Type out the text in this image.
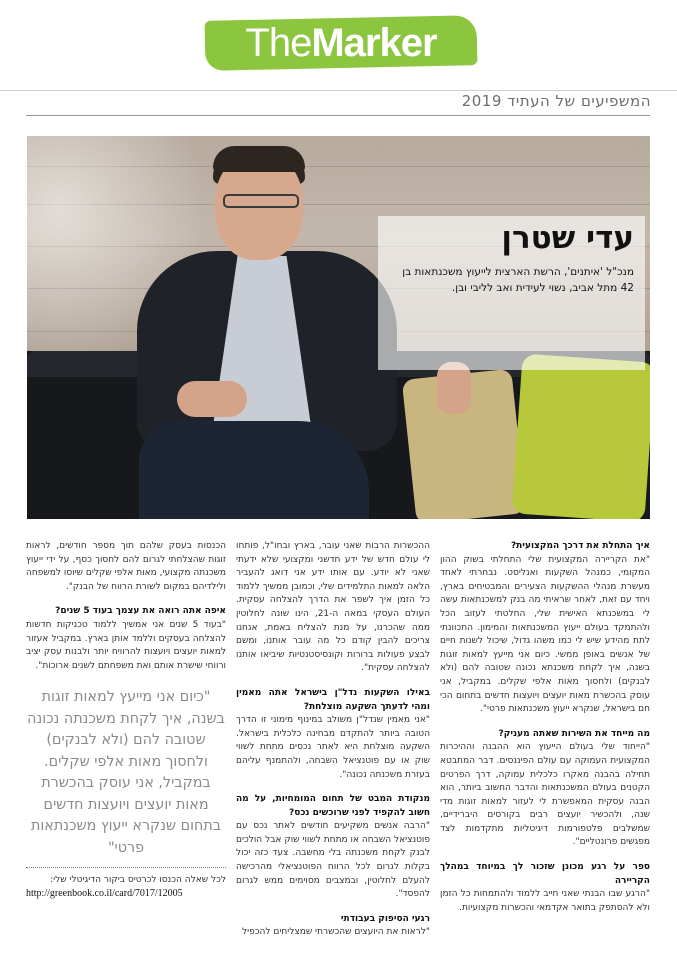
TheMarker
המשפיעים של העתיד 2019
עדי שטרן
מנכ"ל 'איתנים', הרשת הארצית לייעוץ משכנתאות בן 42 מתל אביב, נשוי לעידית ואב לליבי ובן.

איך התחלת את דרכך המקצועית?

"את הקריירה המקצועית שלי התחלתי בשוק ההון המקומי, כמנהל השקעות ואנליסט. נבחרתי לאחד מעשרת מנהלי ההשקעות הצעירים והמבטיחים בארץ, ויחד עם זאת, לאחר שראיתי מה בנק למשכנתאות עשה לי במשכנתא האישית שלי, החלטתי לעזוב הכל ולהתמקד בעולם ייעוץ המשכנתאות והמימון. התכוונתי לתת מהידע שיש לי כמו משהו גדול, שיכול לשנות חיים של אנשים באופן ממשי. כיום אני מייעץ למאות זוגות בשנה, איך לקחת משכנתא נכונה שטובה להם (ולא לבנקים) ולחסוך מאות אלפי שקלים. במקביל, אני עוסק בהכשרת מאות יועצים ויועצות חדשים בתחום הכי חם בישראל, שנקרא ייעוץ משכנתאות פרטי".

מה מייחד את השירות שאתה מעניק?

"הייחוד שלי בעולם הייעוץ הוא ההבנה וההיכרות המקצועית העמוקה עם עולם הפיננסים. דבר המתבטא תחילה בהבנה מאקרו כלכלית עמוקה, דרך הפרטים הקטנים בעולם המשכנתאות והדבר החשוב ביותר, הוא הבנה עסקית המאפשרת לי לעזור למאות זוגות מדי שנה, ולהכשיר יועצים רבים בקורסים היברידיים, שמשלבים פלטפורמות דיגיטליות מתקדמות לצד מפגשים פרונטליים".

ספר על רגע מכונן שזכור לך במיוחד במהלך הקריירה

"הרגע שבו הבנתי שאני חייב ללמוד ולהתמחות כל הזמן ולא להסתפק בתואר אקדמאי והכשרות מקצועיות.

ההכשרות הרבות שאני עובר, בארץ ובחו"ל, פותחו לי עולם חדש של ידע חדשני ומקצועי שלא ידעתי שאני לא יודע. עם אותו ידע אני דואג להעביר הלאה למאות התלמידים שלי, וכמובן ממשיך ללמוד כל הזמן איך לשפר את הדרך להצלחה עסקית. העולם העסקי במאה ה-21, הינו שונה לחלוטין ממה שהכרנו, על מנת להצליח באמת, אנחנו צריכים להבין קודם כל מה עובר אותנו, ומשם לבצע פעולות ברורות וקונסיסטנטיות שיביאו אותנו להצלחה עסקית".

באילו השקעות נדל"ן בישראל אתה מאמין ומהי לדעתך השקעה מוצלחת?

"אני מאמין שנדל"ן משולב במינוף מימוני זו הדרך הטובה ביותר להתקדם מבחינה כלכלית בישראל. השקעה מוצלחת היא לאתר נכסים מתחת לשווי שוק או עם פוטנציאל השבחה, ולהתמנף עליהם בעזרת משכנתה נכונה".

מנקודת המבט של תחום המומחיות, על מה חשוב להקפיד לפני שרוכשים נכס?

"הרבה אנשים משקיעים חודשים לאתר נכס עם פוטנציאל השבחה או מתחת לשווי שוק אבל הולכים לבנק לקחת משכנתה בלי מחשבה. צעד כזה יכול בקלות לגרום לכל הרווח הפוטנציאלי מהרכישה להעלם לחלוטין, ובמצבים מסוימים ממש לגרום להפסד".

רגעי הסיפוק בעבודתי

"לראות את היועצים שהכשרתי שמצליחים להכפיל

הכנסות בעסק שלהם תוך מספר חודשים, לראות זוגות שהצלחתי לגרום להם לחסוך כסף, על ידי ייעוץ משכנתה מקצועי, מאות אלפי שקלים שיוסו למשפחה ולילדיהם במקום לשורת הרווח של הבנק".

איפה אתה רואה את עצמך בעוד 5 שנים?

"בעוד 5 שנים אני אמשיך ללמוד טכניקות חדשות להצלחה בעסקים וללמד אותן בארץ. במקביל אעזור למאות יועצים ויועצות להרוויח יותר ולבנות עסק יציב ורווחי שישרת אותם ואת משפחתם לשנים ארוכות".

"כיום אני מייעץ למאות זוגות בשנה, איך לקחת משכנתה נכונה שטובה להם (ולא לבנקים) ולחסוך מאות אלפי שקלים. במקביל, אני עוסק בהכשרת מאות יועצים ויועצות חדשים בתחום שנקרא ייעוץ משכנתאות פרטי"
לכל שאלה הכנסו לכרטיס ביקור הדיגיטלי שלי:
http://greenbook.co.il/card/7017/12005
